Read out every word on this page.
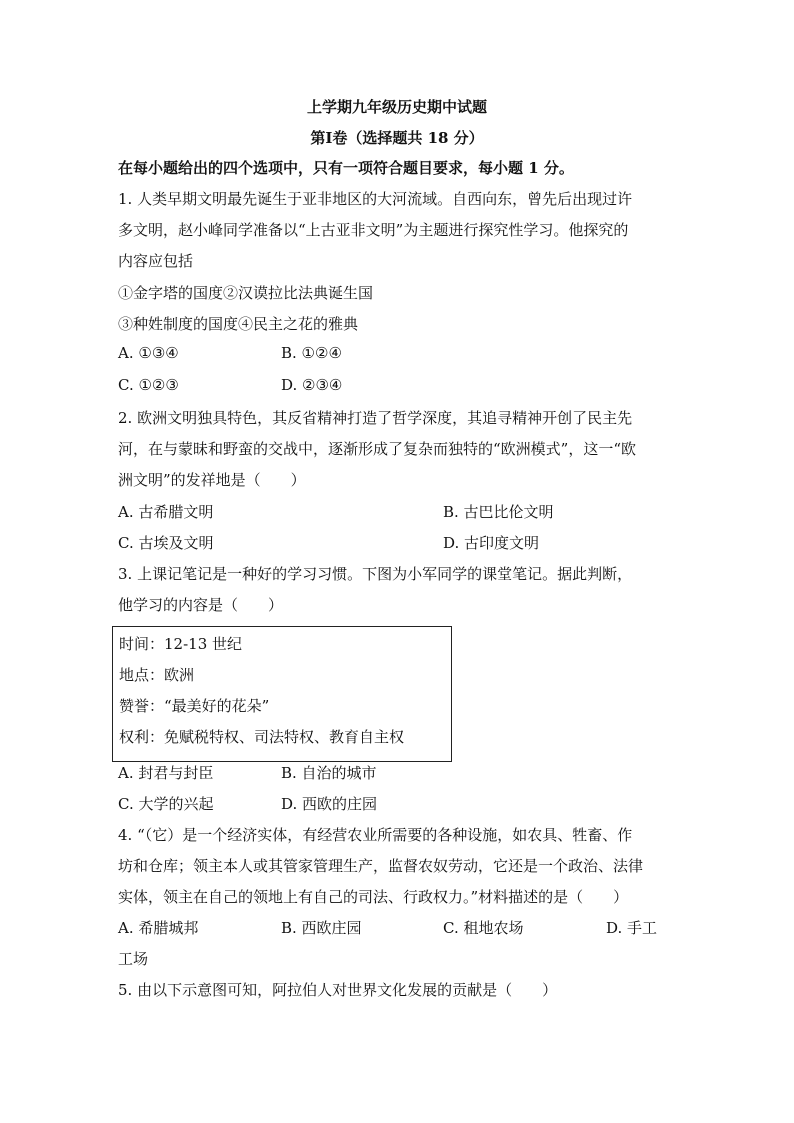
上学期九年级历史期中试题
第Ⅰ卷（选择题共 18 分）
在每小题给出的四个选项中，只有一项符合题目要求，每小题 1 分。
1. 人类早期文明最先诞生于亚非地区的大河流域。自西向东，曾先后出现过许
多文明，赵小峰同学准备以“上古亚非文明”为主题进行探究性学习。他探究的
内容应包括
①金字塔的国度②汉谟拉比法典诞生国
③种姓制度的国度④民主之花的雅典
A. ①③④	B. ①②④
C. ①②③	D. ②③④
2. 欧洲文明独具特色，其反省精神打造了哲学深度，其追寻精神开创了民主先
河，在与蒙昧和野蛮的交战中，逐渐形成了复杂而独特的“欧洲模式”，这一“欧
洲文明”的发祥地是（　　）
A. 古希腊文明	B. 古巴比伦文明
C. 古埃及文明	D. 古印度文明
3. 上课记笔记是一种好的学习习惯。下图为小军同学的课堂笔记。据此判断，
他学习的内容是（　　）
时间：12-13 世纪
地点：欧洲
赞誉：“最美好的花朵”
权利：免赋税特权、司法特权、教育自主权
A. 封君与封臣	B. 自治的城市
C. 大学的兴起	D. 西欧的庄园
4. “（它）是一个经济实体，有经营农业所需要的各种设施，如农具、牲畜、作
坊和仓库；领主本人或其管家管理生产，监督农奴劳动，它还是一个政治、法律
实体，领主在自己的领地上有自己的司法、行政权力。”材料描述的是（　　）
A. 希腊城邦	B. 西欧庄园	C. 租地农场	D. 手工
工场
5. 由以下示意图可知，阿拉伯人对世界文化发展的贡献是（　　）
